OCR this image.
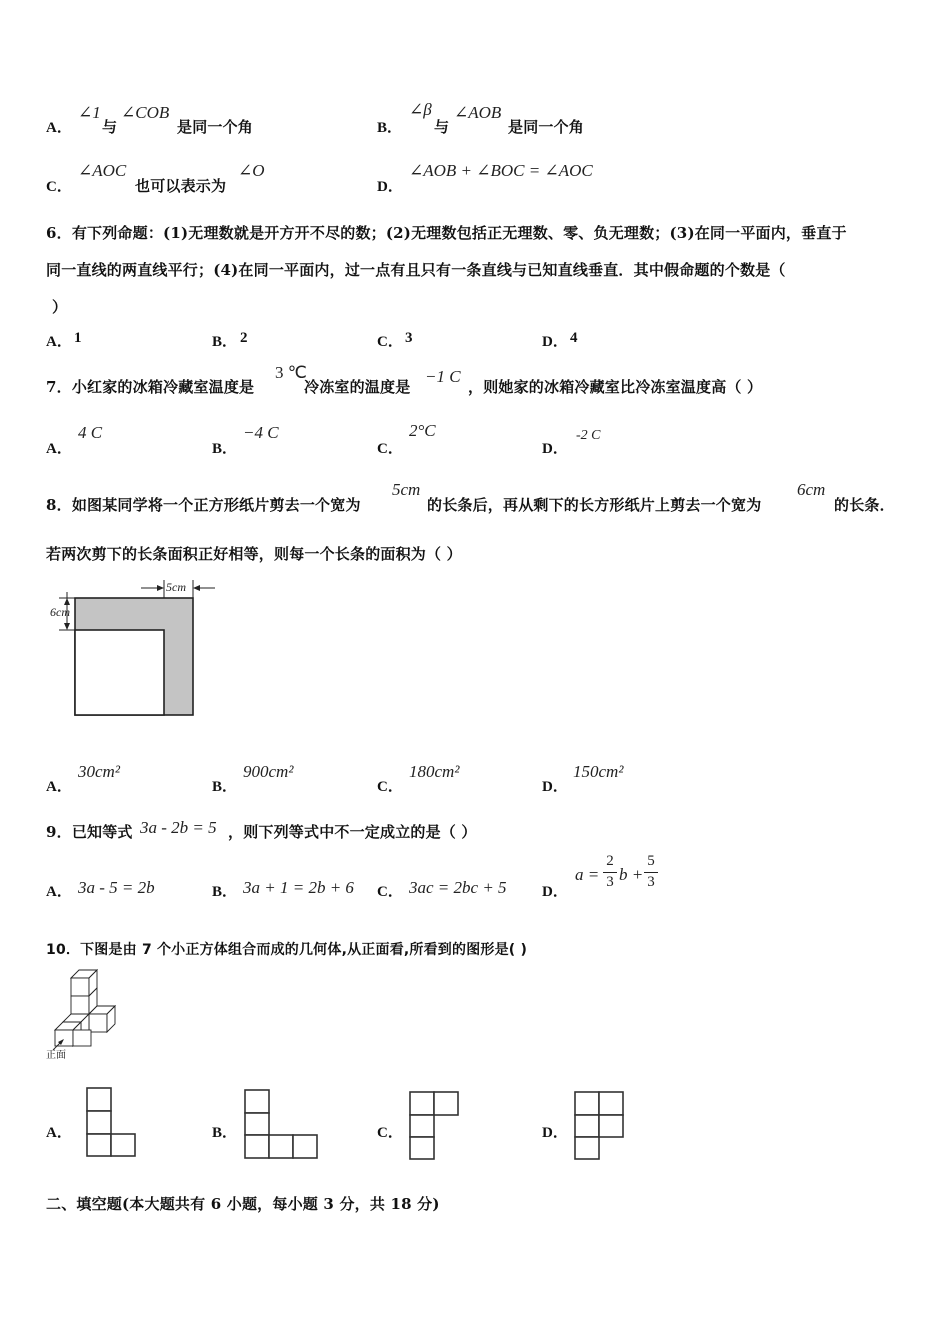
A．
∠1
与
∠COB
是同一个角	B．
∠β
与
∠AOB
是同一个角
C．
∠AOC
也可以表示为
∠O
D．
∠AOB + ∠BOC = ∠AOC
6．有下列命题：(1)无理数就是开方开不尽的数；(2)无理数包括正无理数、零、负无理数；(3)在同一平面内，垂直于
同一直线的两直线平行；(4)在同一平面内，过一点有且只有一条直线与已知直线垂直．其中假命题的个数是（
）
A． 1	B． 2	C． 3	D． 4
7．小红家的冰箱冷藏室温度是
3 ℃
冷冻室的温度是
−1 C
，则她家的冰箱冷藏室比冷冻室温度高（ ）
A．
4 C
B．
−4 C
C．
2°C
D．
-2 C
8．如图某同学将一个正方形纸片剪去一个宽为
5cm
的长条后，再从剩下的长方形纸片上剪去一个宽为
6cm
的长条．
若两次剪下的长条面积正好相等，则每一个长条的面积为（ ）
5cm
6cm
A．
30cm²
B．
900cm²
C．
180cm²
D．
150cm²
9．已知等式 3a - 2b = 5 ，则下列等式中不一定成立的是（ ）
A． 3a - 5 = 2b	B． 3a + 1 = 2b + 6 C． 3ac = 2bc + 5 D．
a =
2
3 b +
5
3
10．下图是由 7 个小正方体组合而成的几何体,从正面看,所看到的图形是( )
正面
A．	B．	C．	D．
二、填空题(本大题共有 6 小题，每小题 3 分，共 18 分)
